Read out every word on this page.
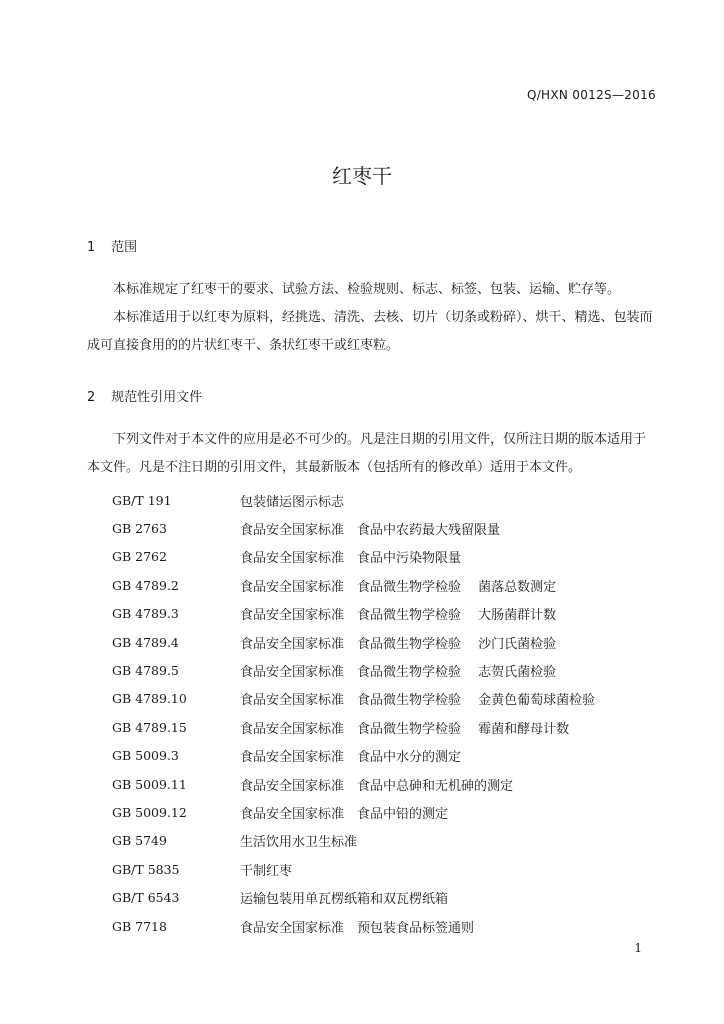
Q/HXN 0012S—2016
红枣干
1 范围
本标准规定了红枣干的要求、试验方法、检验规则、标志、标签、包装、运输、贮存等。
本标准适用于以红枣为原料，经挑选、清洗、去核、切片（切条或粉碎）、烘干、精选、包装而成可直接食用的的片状红枣干、条状红枣干或红枣粒。
2 规范性引用文件
下列文件对于本文件的应用是必不可少的。凡是注日期的引用文件，仅所注日期的版本适用于本文件。凡是不注日期的引用文件，其最新版本（包括所有的修改单）适用于本文件。
GB/T 191	包装储运图示标志
GB 2763	食品安全国家标准　食品中农药最大残留限量
GB 2762	食品安全国家标准　食品中污染物限量
GB 4789.2	食品安全国家标准　食品微生物学检验　 菌落总数测定
GB 4789.3	食品安全国家标准　食品微生物学检验　 大肠菌群计数
GB 4789.4	食品安全国家标准　食品微生物学检验　 沙门氏菌检验
GB 4789.5	食品安全国家标准　食品微生物学检验　 志贺氏菌检验
GB 4789.10	食品安全国家标准　食品微生物学检验　 金黄色葡萄球菌检验
GB 4789.15	食品安全国家标准　食品微生物学检验　 霉菌和酵母计数
GB 5009.3	食品安全国家标准　食品中水分的测定
GB 5009.11	食品安全国家标准　食品中总砷和无机砷的测定
GB 5009.12	食品安全国家标准　食品中铅的测定
GB 5749	生活饮用水卫生标准
GB/T 5835	干制红枣
GB/T 6543	运输包装用单瓦楞纸箱和双瓦楞纸箱
GB 7718	食品安全国家标准　预包装食品标签通则
1
